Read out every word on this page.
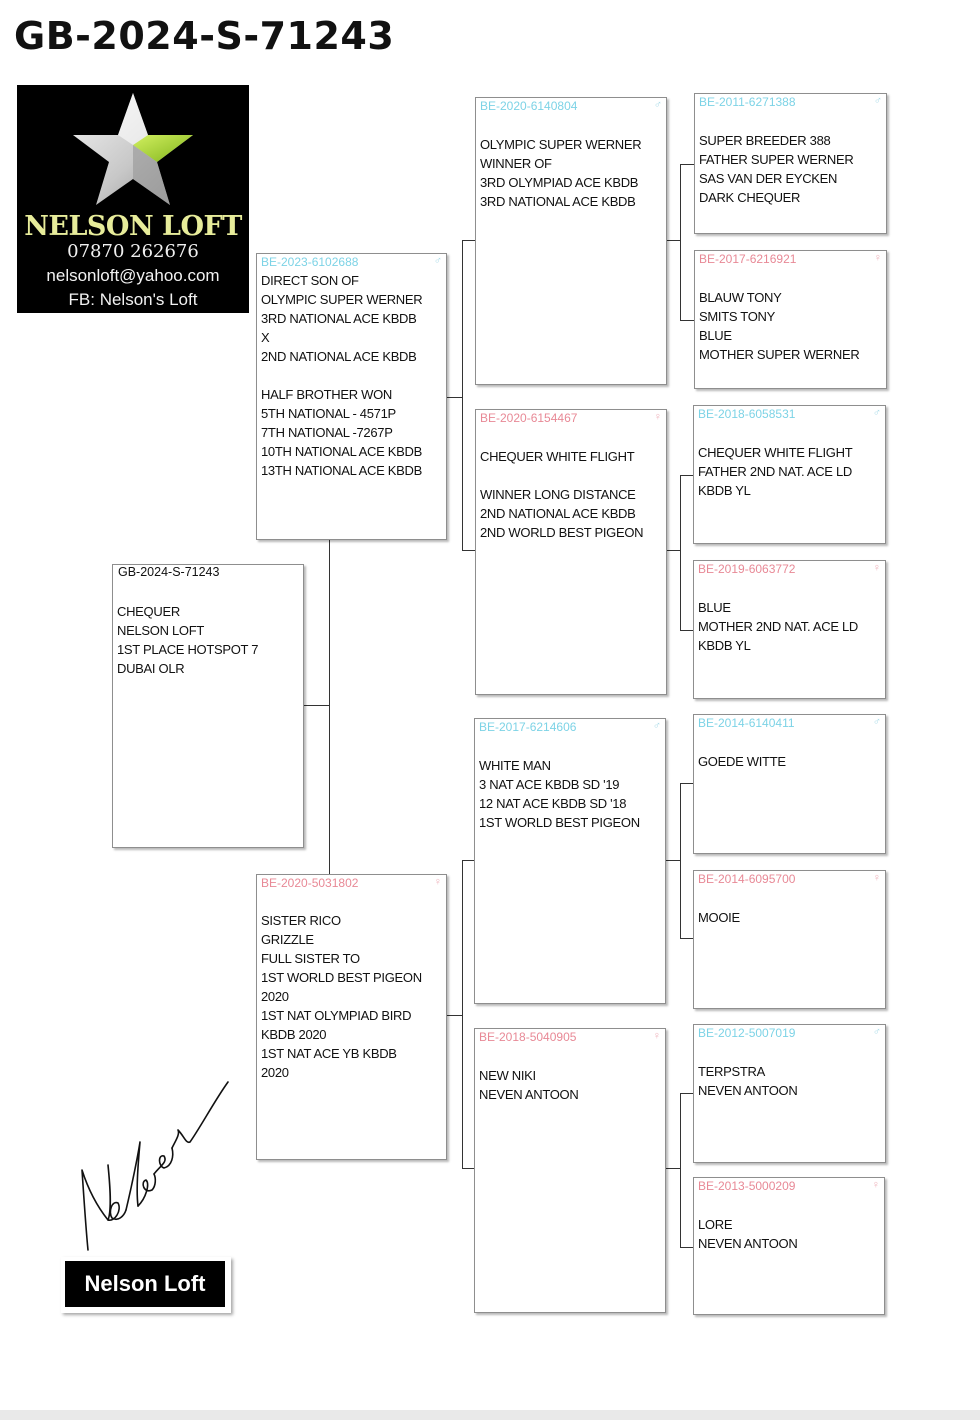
GB-2024-S-71243
NELSON LOFT
07870 262676
nelsonloft@yahoo.com
FB: Nelson's Loft
GB-2024-S-71243
CHEQUER
NELSON LOFT
1ST PLACE HOTSPOT 7
DUBAI OLR
BE-2023-6102688	♂
DIRECT SON OF
OLYMPIC SUPER WERNER
3RD NATIONAL ACE KBDB
X
2ND NATIONAL ACE KBDB
HALF BROTHER WON
5TH NATIONAL - 4571P
7TH NATIONAL -7267P
10TH NATIONAL ACE KBDB
13TH NATIONAL ACE KBDB
BE-2020-5031802	♀
SISTER RICO
GRIZZLE
FULL SISTER TO
1ST WORLD BEST PIGEON
2020
1ST NAT OLYMPIAD BIRD
KBDB 2020
1ST NAT ACE YB KBDB
2020
BE-2020-6140804	♂
OLYMPIC SUPER WERNER
WINNER OF
3RD OLYMPIAD ACE KBDB
3RD NATIONAL ACE KBDB
BE-2020-6154467	♀
CHEQUER WHITE FLIGHT
WINNER LONG DISTANCE
2ND NATIONAL ACE KBDB
2ND WORLD BEST PIGEON
BE-2017-6214606	♂
WHITE MAN
3 NAT ACE KBDB SD '19
12 NAT ACE KBDB SD '18
1ST WORLD BEST PIGEON
BE-2018-5040905	♀
NEW NIKI
NEVEN ANTOON
BE-2011-6271388	♂
SUPER BREEDER 388
FATHER SUPER WERNER
SAS VAN DER EYCKEN
DARK CHEQUER
BE-2017-6216921	♀
BLAUW TONY
SMITS TONY
BLUE
MOTHER SUPER WERNER
BE-2018-6058531	♂
CHEQUER WHITE FLIGHT
FATHER 2ND NAT. ACE LD
KBDB YL
BE-2019-6063772	♀
BLUE
MOTHER 2ND NAT. ACE LD
KBDB YL
BE-2014-6140411	♂
GOEDE WITTE
BE-2014-6095700	♀
MOOIE
BE-2012-5007019	♂
TERPSTRA
NEVEN ANTOON
BE-2013-5000209	♀
LORE
NEVEN ANTOON
Nelson Loft
